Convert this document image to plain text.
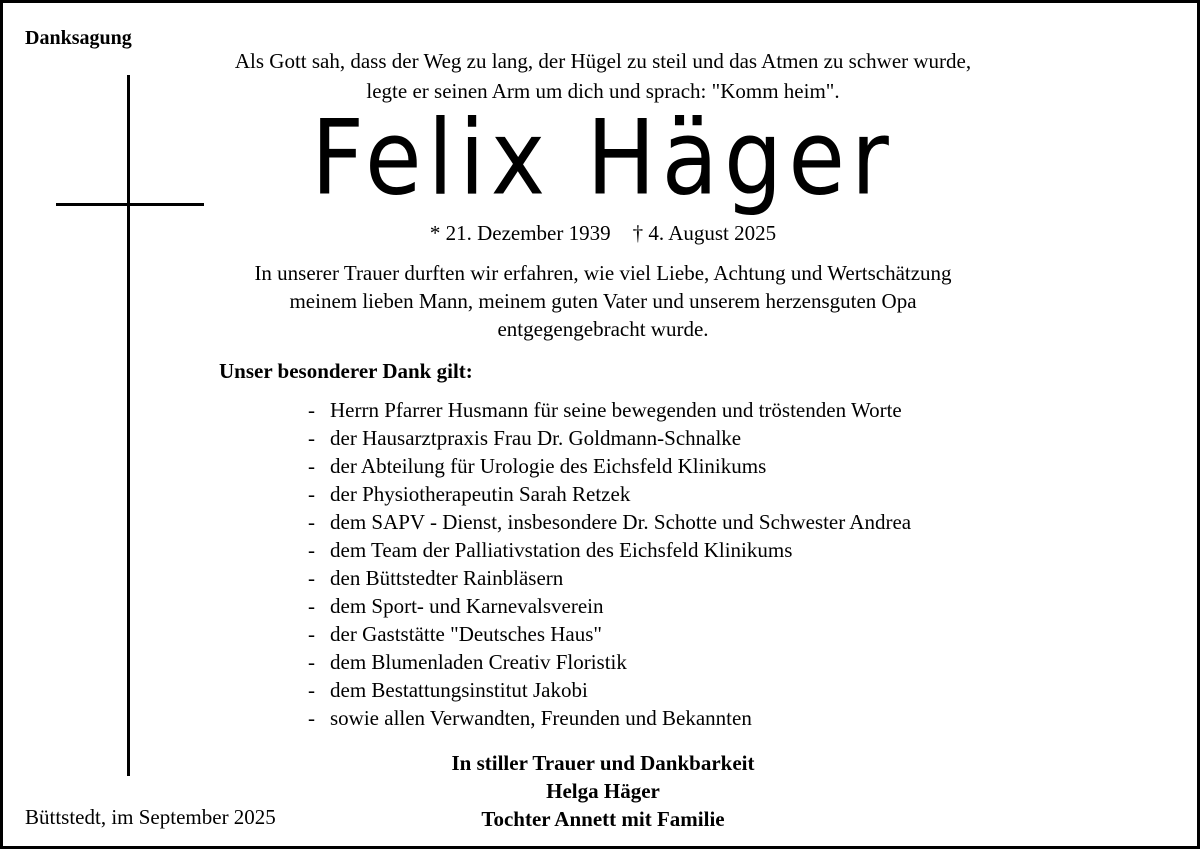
Danksagung
Als Gott sah, dass der Weg zu lang, der Hügel zu steil und das Atmen zu schwer wurde,
legte er seinen Arm um dich und sprach: "Komm heim".
Felix Häger
* 21. Dezember 1939 † 4. August 2025
In unserer Trauer durften wir erfahren, wie viel Liebe, Achtung und Wertschätzung
meinem lieben Mann, meinem guten Vater und unserem herzensguten Opa
entgegengebracht wurde.
Unser besonderer Dank gilt:
- Herrn Pfarrer Husmann für seine bewegenden und tröstenden Worte
- der Hausarztpraxis Frau Dr. Goldmann-Schnalke
- der Abteilung für Urologie des Eichsfeld Klinikums
- der Physiotherapeutin Sarah Retzek
- dem SAPV - Dienst, insbesondere Dr. Schotte und Schwester Andrea
- dem Team der Palliativstation des Eichsfeld Klinikums
- den Büttstedter Rainbläsern
- dem Sport- und Karnevalsverein
- der Gaststätte "Deutsches Haus"
- dem Blumenladen Creativ Floristik
- dem Bestattungsinstitut Jakobi
- sowie allen Verwandten, Freunden und Bekannten
In stiller Trauer und Dankbarkeit
Helga Häger
Tochter Annett mit Familie
Büttstedt, im September 2025
